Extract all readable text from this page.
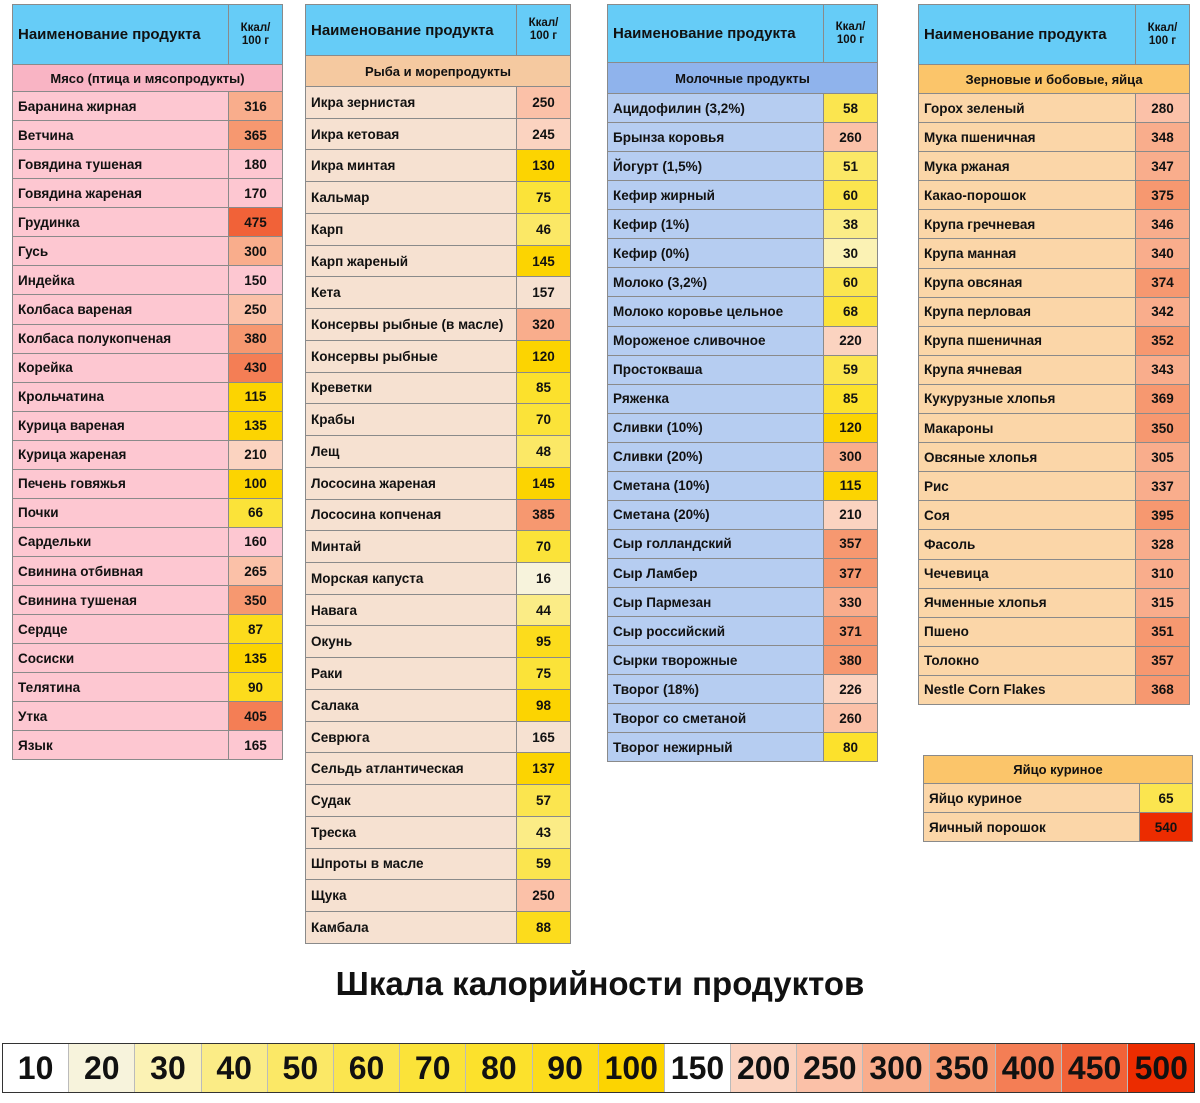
Наименование продукта	Ккал/
100 г
Мясо (птица и мясопродукты)	
Баранина жирная	316
Ветчина	365
Говядина тушеная	180
Говядина жареная	170
Грудинка	475
Гусь	300
Индейка	150
Колбаса вареная	250
Колбаса полукопченая	380
Корейка	430
Крольчатина	115
Курица вареная	135
Курица жареная	210
Печень говяжья	100
Почки	66
Сардельки	160
Свинина отбивная	265
Свинина тушеная	350
Сердце	87
Сосиски	135
Телятина	90
Утка	405
Язык	165
Наименование продукта	Ккал/
100 г
Рыба и морепродукты	
Икра зернистая	250
Икра кетовая	245
Икра минтая	130
Кальмар	75
Карп	46
Карп жареный	145
Кета	157
Консервы рыбные (в масле)	320
Консервы рыбные	120
Креветки	85
Крабы	70
Лещ	48
Лососина жареная	145
Лососина копченая	385
Минтай	70
Морская капуста	16
Навага	44
Окунь	95
Раки	75
Салака	98
Севрюга	165
Сельдь атлантическая	137
Судак	57
Треска	43
Шпроты в масле	59
Щука	250
Камбала	88
Наименование продукта	Ккал/
100 г
Молочные продукты	
Ацидофилин (3,2%)	58
Брынза коровья	260
Йогурт (1,5%)	51
Кефир жирный	60
Кефир (1%)	38
Кефир (0%)	30
Молоко (3,2%)	60
Молоко коровье цельное	68
Мороженое сливочное	220
Простокваша	59
Ряженка	85
Сливки (10%)	120
Сливки (20%)	300
Сметана (10%)	115
Сметана (20%)	210
Сыр голландский	357
Сыр Ламбер	377
Сыр Пармезан	330
Сыр российский	371
Сырки творожные	380
Творог (18%)	226
Творог со сметаной	260
Творог нежирный	80
Наименование продукта	Ккал/
100 г
Зерновые и бобовые, яйца	
Горох зеленый	280
Мука пшеничная	348
Мука ржаная	347
Какао-порошок	375
Крупа гречневая	346
Крупа манная	340
Крупа овсяная	374
Крупа перловая	342
Крупа пшеничная	352
Крупа ячневая	343
Кукурузные хлопья	369
Макароны	350
Овсяные хлопья	305
Рис	337
Соя	395
Фасоль	328
Чечевица	310
Ячменные хлопья	315
Пшено	351
Толокно	357
Nestle Corn Flakes	368
Яйцо куриное	
Яйцо куриное	65
Яичный порошок	540
Шкала калорийности продуктов
10 20 30 40 50 60 70 80 90 100 150 200 250 300 350 400 450 500
